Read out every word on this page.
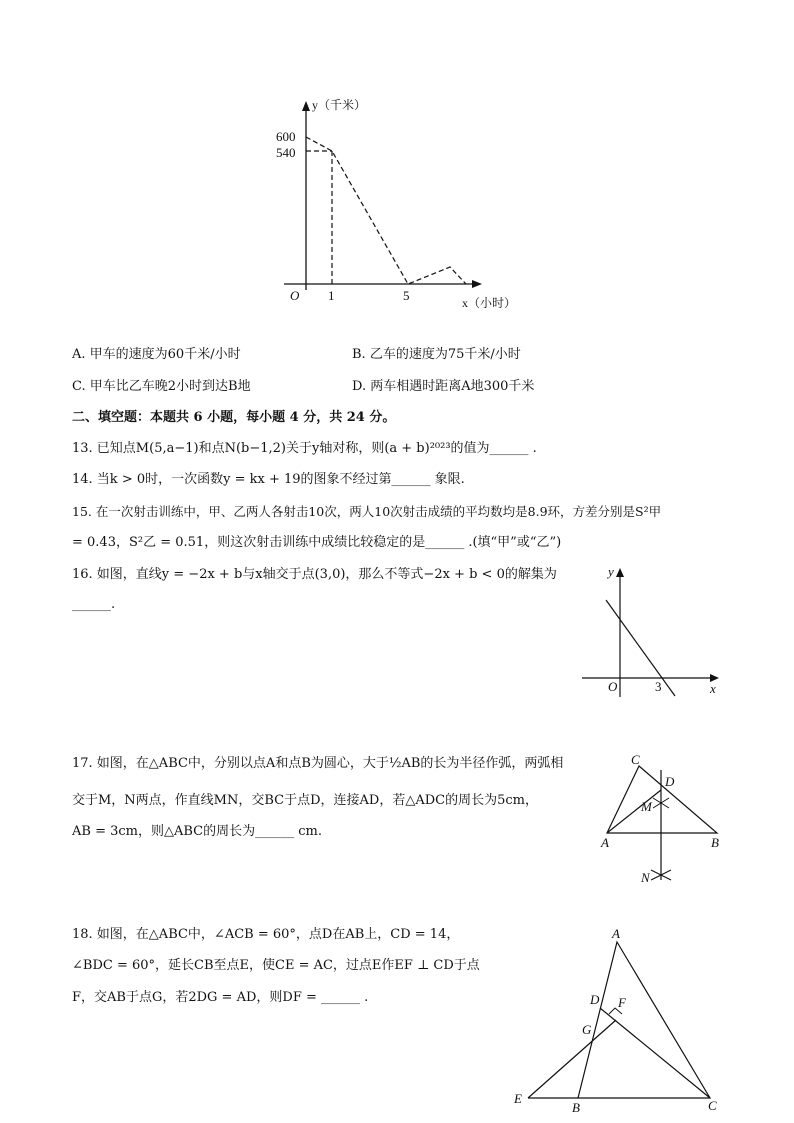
y（千米）
600
540
O 1	5	x（小时）
A. 甲车的速度为60千米/小时	B. 乙车的速度为75千米/小时
C. 甲车比乙车晚2小时到达B地	D. 两车相遇时距离A地300千米
二、填空题：本题共 6 小题，每小题 4 分，共 24 分。
13. 已知点M(5,a−1)和点N(b−1,2)关于y轴对称，则(a + b)²⁰²³的值为______ .
14. 当k > 0时，一次函数y = kx + 19的图象不经过第______ 象限.
15. 在一次射击训练中，甲、乙两人各射击10次，两人10次射击成绩的平均数均是8.9环，方差分别是S²甲
= 0.43，S²乙 = 0.51，则这次射击训练中成绩比较稳定的是______ .(填“甲”或“乙”)
16. 如图，直线y = −2x + b与x轴交于点(3,0)，那么不等式−2x + b < 0的解集为
______.
y
O	3	x
17. 如图，在△ABC中，分别以点A和点B为圆心，大于½AB的长为半径作弧，两弧相
交于M，N两点，作直线MN，交BC于点D，连接AD，若△ADC的周长为5cm，
AB = 3cm，则△ABC的周长为______ cm.
C
D
M
A	B
N
18. 如图，在△ABC中，∠ACB = 60°，点D在AB上，CD = 14，
∠BDC = 60°，延长CB至点E，使CE = AC，过点E作EF ⊥ CD于点
F，交AB于点G，若2DG = AD，则DF = ______ .
A
D F
G
E
B	C
